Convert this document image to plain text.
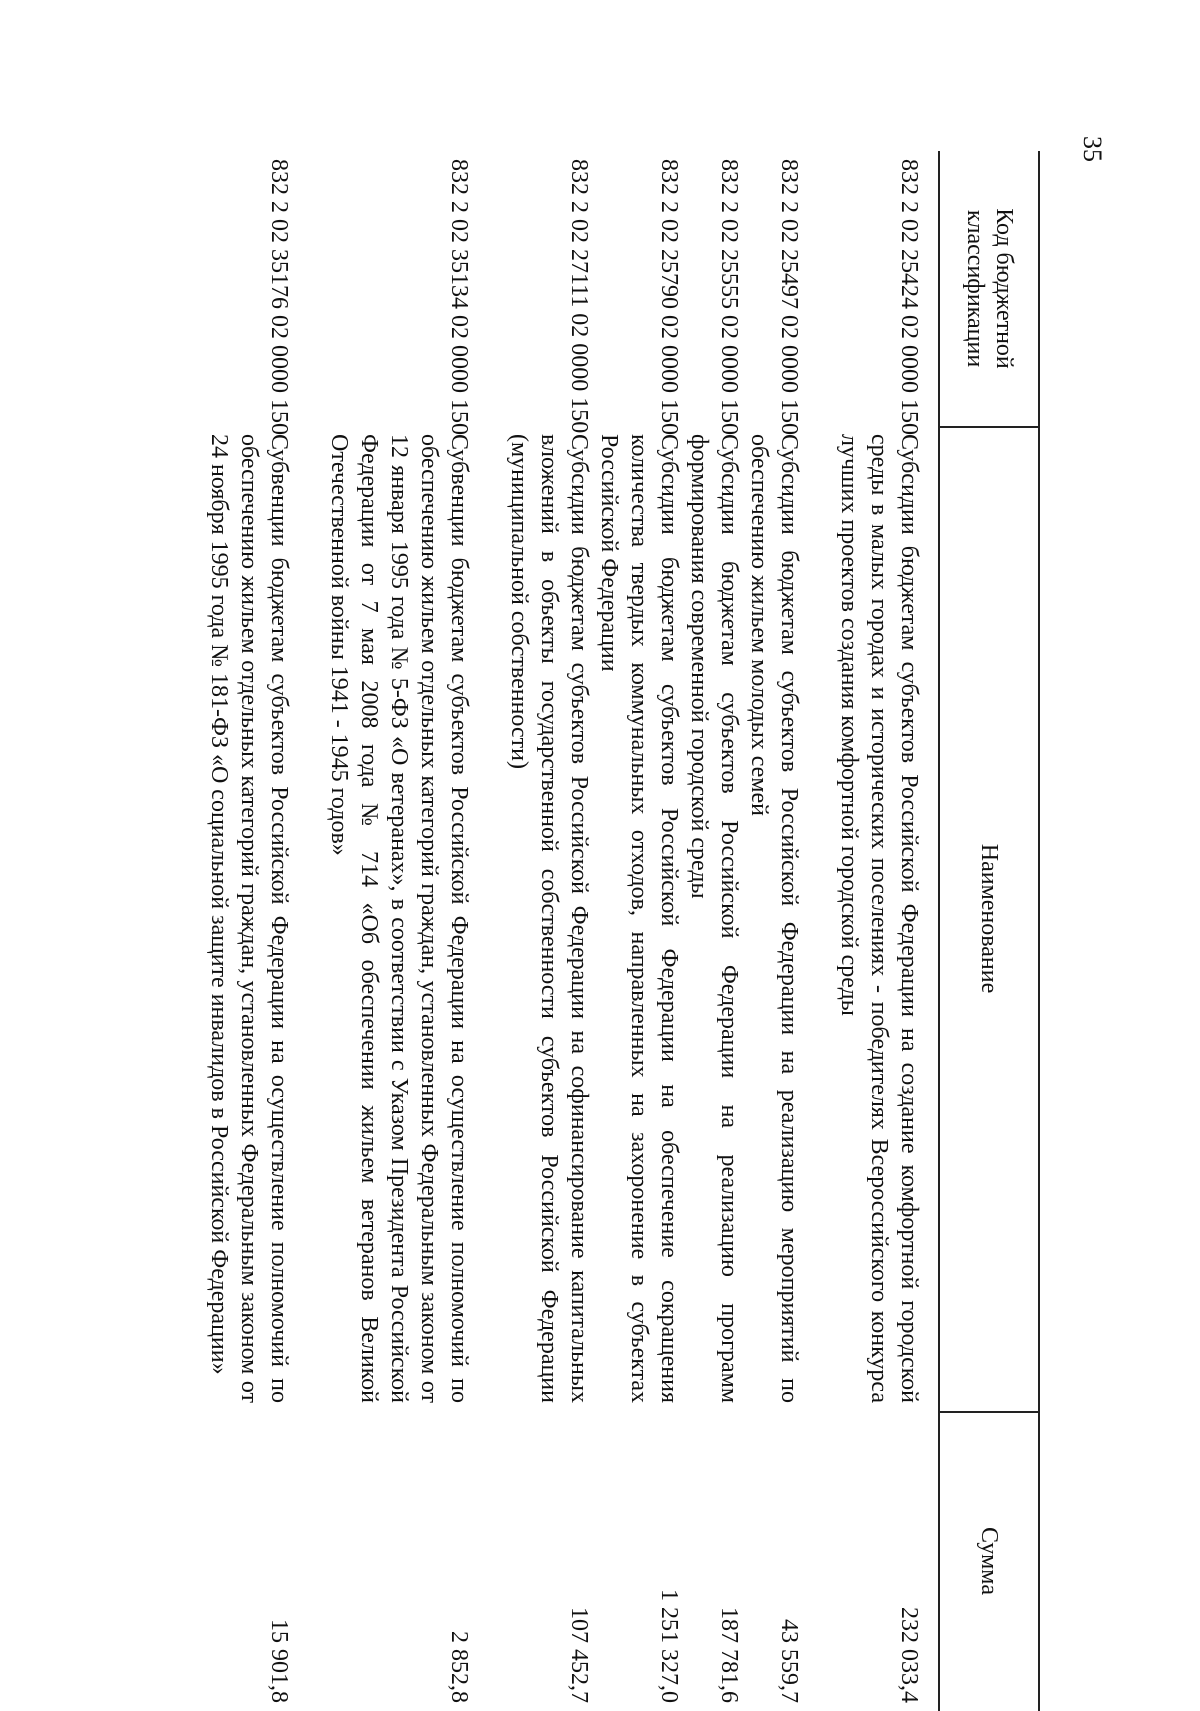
35
Код бюджетной классификации
Наименование
Сумма
832 2 02 25424 02 0000 150
Субсидии бюджетам субъектов Российской Федерации на создание комфортной городской среды в малых городах и исторических поселениях - победителях Всероссийского конкурса лучших проектов создания комфортной городской среды
232 033,4
832 2 02 25497 02 0000 150
Субсидии бюджетам субъектов Российской Федерации на реализацию мероприятий по обеспечению жильем молодых семей
43 559,7
832 2 02 25555 02 0000 150
Субсидии бюджетам субъектов Российской Федерации на реализацию программ формирования современной городской среды
187 781,6
832 2 02 25790 02 0000 150
Субсидии бюджетам субъектов Российской Федерации на обеспечение сокращения количества твердых коммунальных отходов, направленных на захоронение в субъектах Российской Федерации
1 251 327,0
832 2 02 27111 02 0000 150
Субсидии бюджетам субъектов Российской Федерации на софинансирование капитальных вложений в объекты государственной собственности субъектов Российской Федерации (муниципальной собственности)
107 452,7
832 2 02 35134 02 0000 150
Субвенции бюджетам субъектов Российской Федерации на осуществление полномочий по обеспечению жильем отдельных категорий граждан, установленных Федеральным законом от 12 января 1995 года № 5-ФЗ «О ветеранах», в соответствии с Указом Президента Российской Федерации от 7 мая 2008 года № 714 «Об обеспечении жильем ветеранов Великой Отечественной войны 1941 - 1945 годов»
2 852,8
832 2 02 35176 02 0000 150
Субвенции бюджетам субъектов Российской Федерации на осуществление полномочий по обеспечению жильем отдельных категорий граждан, установленных Федеральным законом от 24 ноября 1995 года № 181-ФЗ «О социальной защите инвалидов в Российской Федерации»
15 901,8
